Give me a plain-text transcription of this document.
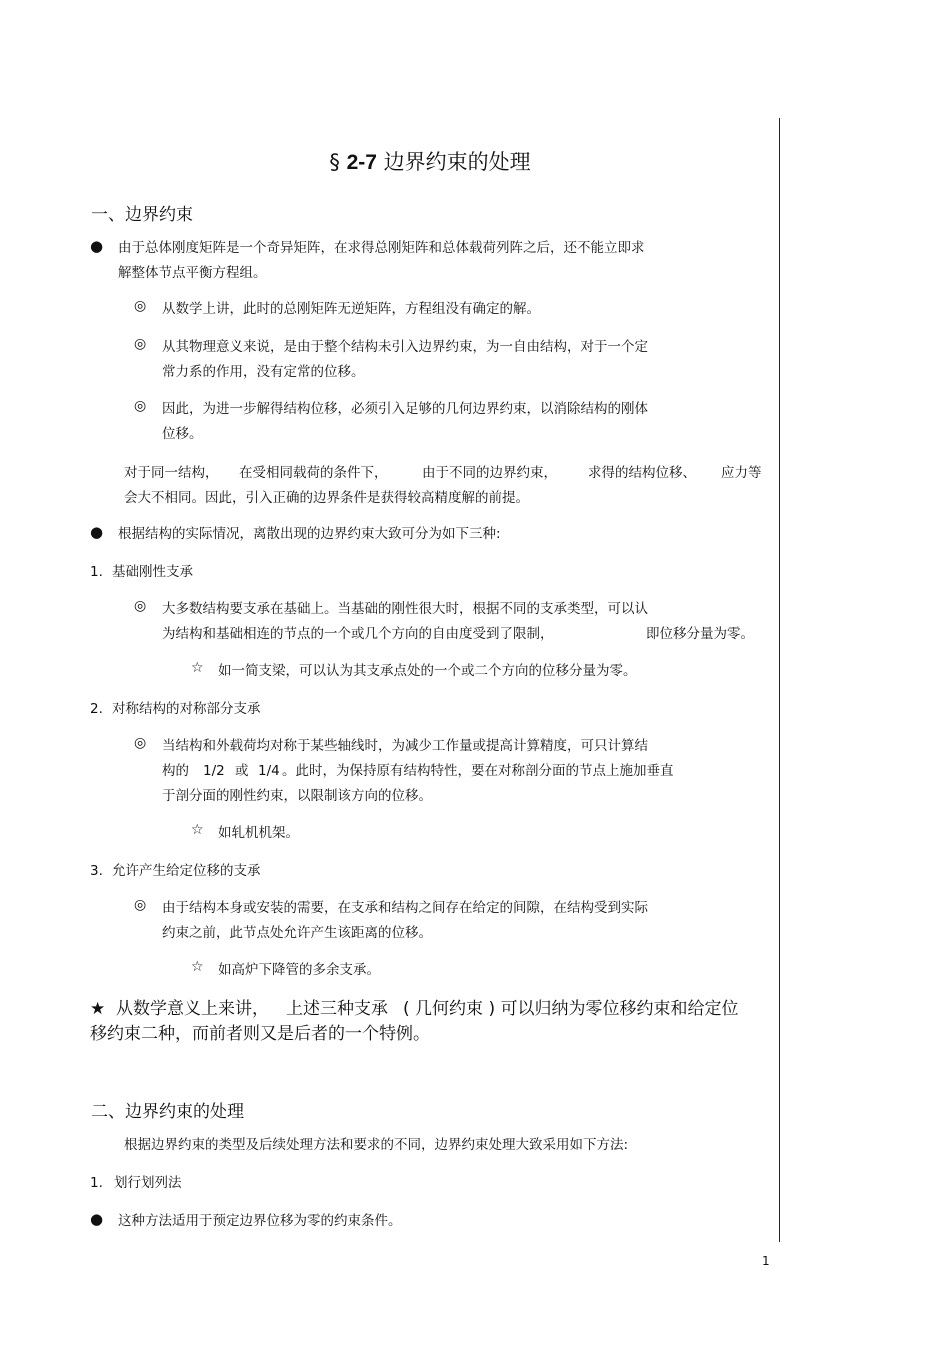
§ 2-7 边界约束的处理
一、边界约束
● 由于总体刚度矩阵是一个奇异矩阵，在求得总刚矩阵和总体载荷列阵之后，还不能立即求
解整体节点平衡方程组。
◎ 从数学上讲，此时的总刚矩阵无逆矩阵，方程组没有确定的解。
◎ 从其物理意义来说，是由于整个结构未引入边界约束，为一自由结构，对于一个定
常力系的作用，没有定常的位移。
◎ 因此，为进一步解得结构位移，必须引入足够的几何边界约束，以消除结构的刚体
位移。
对于同一结构， 在受相同载荷的条件下，	由于不同的边界约束， 求得的结构位移、 应力等
会大不相同。因此，引入正确的边界条件是获得较高精度解的前提。
● 根据结构的实际情况，离散出现的边界约束大致可分为如下三种:
1. 基础刚性支承
◎ 大多数结构要支承在基础上。当基础的刚性很大时，根据不同的支承类型，可以认
为结构和基础相连的节点的一个或几个方向的自由度受到了限制，	即位移分量为零。
☆ 如一简支梁，可以认为其支承点处的一个或二个方向的位移分量为零。
2. 对称结构的对称部分支承
◎ 当结构和外载荷均对称于某些轴线时，为减少工作量或提高计算精度，可只计算结
构的 1/2 或 1/4 。此时，为保持原有结构特性，要在对称剖分面的节点上施加垂直
于剖分面的刚性约束，以限制该方向的位移。
☆ 如轧机机架。
3. 允许产生给定位移的支承
◎ 由于结构本身或安装的需要，在支承和结构之间存在给定的间隙，在结构受到实际
约束之前，此节点处允许产生该距离的位移。
☆ 如高炉下降管的多余支承。
★ 从数学意义上来讲， 上述三种支承 ( 几何约束 ) 可以归纳为零位移约束和给定位
移约束二种，而前者则又是后者的一个特例。
二、边界约束的处理
根据边界约束的类型及后续处理方法和要求的不同，边界约束处理大致采用如下方法:
1. 划行划列法
● 这种方法适用于预定边界位移为零的约束条件。
1
